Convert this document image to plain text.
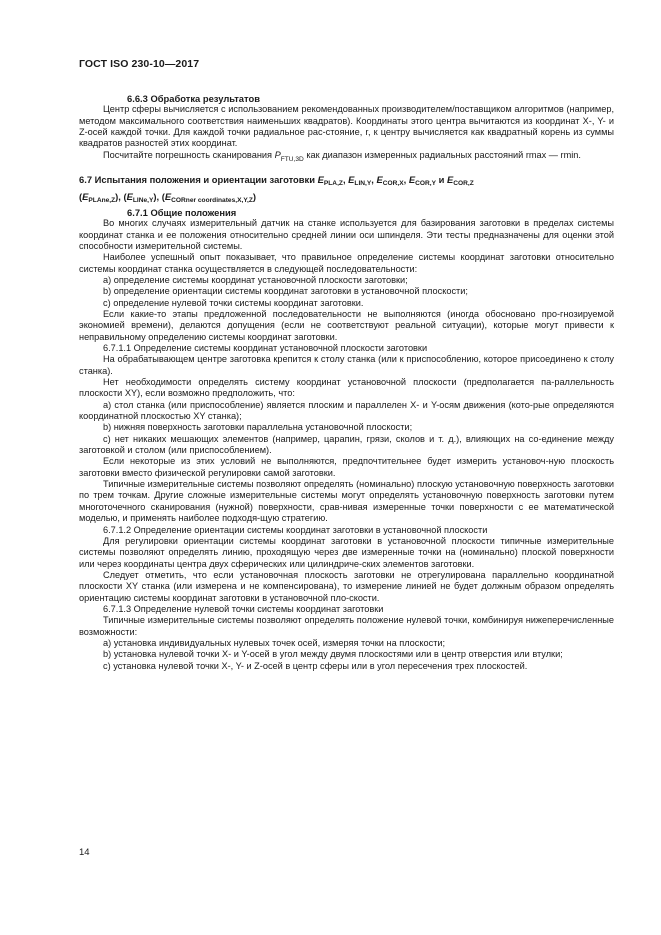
ГОСТ ISO 230-10—2017

6.6.3 Обработка результатов

Центр сферы вычисляется с использованием рекомендованных производителем/поставщиком алгоритмов (например, методом максимального соответствия наименьших квадратов). Координаты этого центра вычитаются из координат X-, Y- и Z-осей каждой точки. Для каждой точки радиальное рас-стояние, r, к центру вычисляется как квадратный корень из суммы квадратов разностей этих координат.

Посчитайте погрешность сканирования $P_{FTU,3D}$ как диапазон измеренных радиальных расстояний rmax — rmin.

6.7 Испытания положения и ориентации заготовки $E_{PLA,Z}$, $E_{LIN,Y}$, $E_{COR,X}$, $E_{COR,Y}$ и $E_{COR,Z}$
$(E_{PLAne,Z})$, $(E_{LINe,Y})$, $(E_{CORner coordinates,X,Y,Z})$

6.7.1 Общие положения

Во многих случаях измерительный датчик на станке используется для базирования заготовки в пределах системы координат станка и ее положения относительно средней линии оси шпинделя. Эти тесты предназначены для оценки этой способности измерительной системы.

Наиболее успешный опыт показывает, что правильное определение системы координат заготовки относительно системы координат станка осуществляется в следующей последовательности:

a) определение системы координат установочной плоскости заготовки;

b) определение ориентации системы координат заготовки в установочной плоскости;

c) определение нулевой точки системы координат заготовки.

Если какие-то этапы предложенной последовательности не выполняются (иногда обосновано про-гнозируемой экономией времени), делаются допущения (если не соответствуют реальной ситуации), которые могут привести к неправильному определению системы координат заготовки.

6.7.1.1 Определение системы координат установочной плоскости заготовки

На обрабатывающем центре заготовка крепится к столу станка (или к приспособлению, которое присоединено к столу станка).

Нет необходимости определять систему координат установочной плоскости (предполагается па-раллельность плоскости XY), если возможно предположить, что:

a) стол станка (или приспособление) является плоским и параллелен X- и Y-осям движения (кото-рые определяются координатной плоскостью XY станка);

b) нижняя поверхность заготовки параллельна установочной плоскости;

c) нет никаких мешающих элементов (например, царапин, грязи, сколов и т. д.), влияющих на со-единение между заготовкой и столом (или приспособлением).

Если некоторые из этих условий не выполняются, предпочтительнее будет измерить установоч-ную плоскость заготовки вместо физической регулировки самой заготовки.

Типичные измерительные системы позволяют определять (номинально) плоскую установочную поверхность заготовки по трем точкам. Другие сложные измерительные системы могут определять установочную поверхность заготовки путем многоточечного сканирования (нужной) поверхности, срав-нивая измеренные точки поверхности с ее математической моделью, и применять наиболее подходя-щую стратегию.

6.7.1.2 Определение ориентации системы координат заготовки в установочной плоскости

Для регулировки ориентации системы координат заготовки в установочной плоскости типичные измерительные системы позволяют определять линию, проходящую через две измеренные точки на (номинально) плоской поверхности или через координаты центра двух сферических или цилиндриче-ских элементов заготовки.

Следует отметить, что если установочная плоскость заготовки не отрегулирована параллельно координатной плоскости XY станка (или измерена и не компенсирована), то измерение линией не будет должным образом определять ориентацию системы координат заготовки в установочной пло-скости.

6.7.1.3 Определение нулевой точки системы координат заготовки

Типичные измерительные системы позволяют определять положение нулевой точки, комбинируя нижеперечисленные возможности:

a) установка индивидуальных нулевых точек осей, измеряя точки на плоскости;

b) установка нулевой точки X- и Y-осей в угол между двумя плоскостями или в центр отверстия или втулки;

c) установка нулевой точки X-, Y- и Z-осей в центр сферы или в угол пересечения трех плоскостей.

14
